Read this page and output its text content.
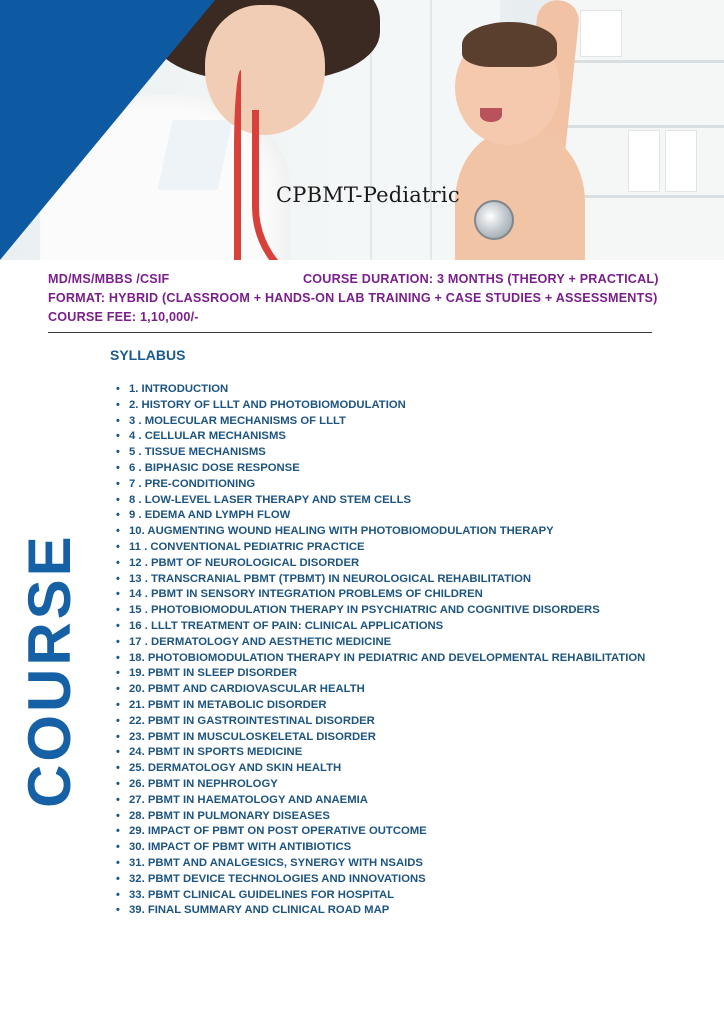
CPBMT-Pediatric
MD/MS/MBBS /CSIF	COURSE DURATION: 3 MONTHS (THEORY + PRACTICAL)
FORMAT: HYBRID (CLASSROOM + HANDS-ON LAB TRAINING + CASE STUDIES + ASSESSMENTS)
COURSE FEE: 1,10,000/-
COURSE
SYLLABUS
• 1. INTRODUCTION
• 2. HISTORY OF LLLT AND PHOTOBIOMODULATION
• 3 . MOLECULAR MECHANISMS OF LLLT
• 4 . CELLULAR MECHANISMS
• 5 . TISSUE MECHANISMS
• 6 . BIPHASIC DOSE RESPONSE
• 7 . PRE-CONDITIONING
• 8 . LOW-LEVEL LASER THERAPY AND STEM CELLS
• 9 . EDEMA AND LYMPH FLOW
• 10. AUGMENTING WOUND HEALING WITH PHOTOBIOMODULATION THERAPY
• 11 . CONVENTIONAL PEDIATRIC PRACTICE
• 12 . PBMT OF NEUROLOGICAL DISORDER
• 13 . TRANSCRANIAL PBMT (TPBMT) IN NEUROLOGICAL REHABILITATION
• 14 . PBMT IN SENSORY INTEGRATION PROBLEMS OF CHILDREN
• 15 . PHOTOBIOMODULATION THERAPY IN PSYCHIATRIC AND COGNITIVE DISORDERS
• 16 . LLLT TREATMENT OF PAIN: CLINICAL APPLICATIONS
• 17 . DERMATOLOGY AND AESTHETIC MEDICINE
• 18. PHOTOBIOMODULATION THERAPY IN PEDIATRIC AND DEVELOPMENTAL REHABILITATION
• 19. PBMT IN SLEEP DISORDER
• 20. PBMT AND CARDIOVASCULAR HEALTH
• 21. PBMT IN METABOLIC DISORDER
• 22. PBMT IN GASTROINTESTINAL DISORDER
• 23. PBMT IN MUSCULOSKELETAL DISORDER
• 24. PBMT IN SPORTS MEDICINE
• 25. DERMATOLOGY AND SKIN HEALTH
• 26. PBMT IN NEPHROLOGY
• 27. PBMT IN HAEMATOLOGY AND ANAEMIA
• 28. PBMT IN PULMONARY DISEASES
• 29. IMPACT OF PBMT ON POST OPERATIVE OUTCOME
• 30. IMPACT OF PBMT WITH ANTIBIOTICS
• 31. PBMT AND ANALGESICS, SYNERGY WITH NSAIDS
• 32. PBMT DEVICE TECHNOLOGIES AND INNOVATIONS
• 33. PBMT CLINICAL GUIDELINES FOR HOSPITAL
• 39. FINAL SUMMARY AND CLINICAL ROAD MAP
